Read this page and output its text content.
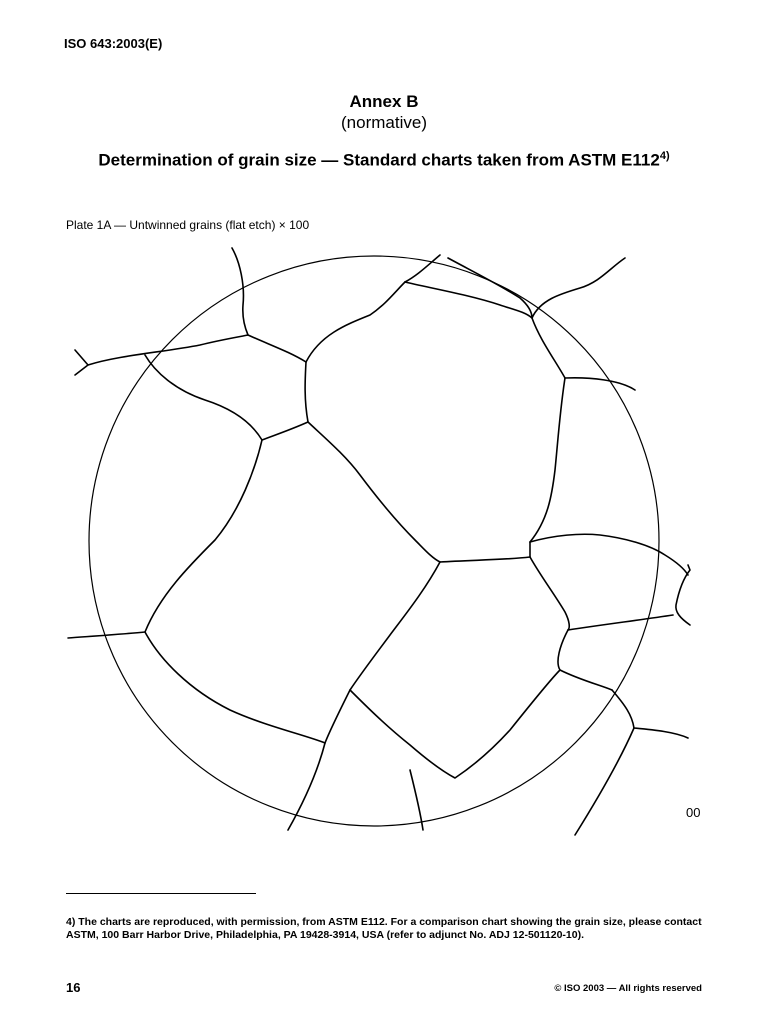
ISO 643:2003(E)
Annex B
(normative)
Determination of grain size — Standard charts taken from ASTM E112$^{4)}$
Plate 1A — Untwinned grains (flat etch) × 100
00
4) The charts are reproduced, with permission, from ASTM E112. For a comparison chart showing the grain size, please contact ASTM, 100 Barr Harbor Drive, Philadelphia, PA 19428-3914, USA (refer to adjunct No. ADJ 12-501120-10).
16	© ISO 2003 — All rights reserved
